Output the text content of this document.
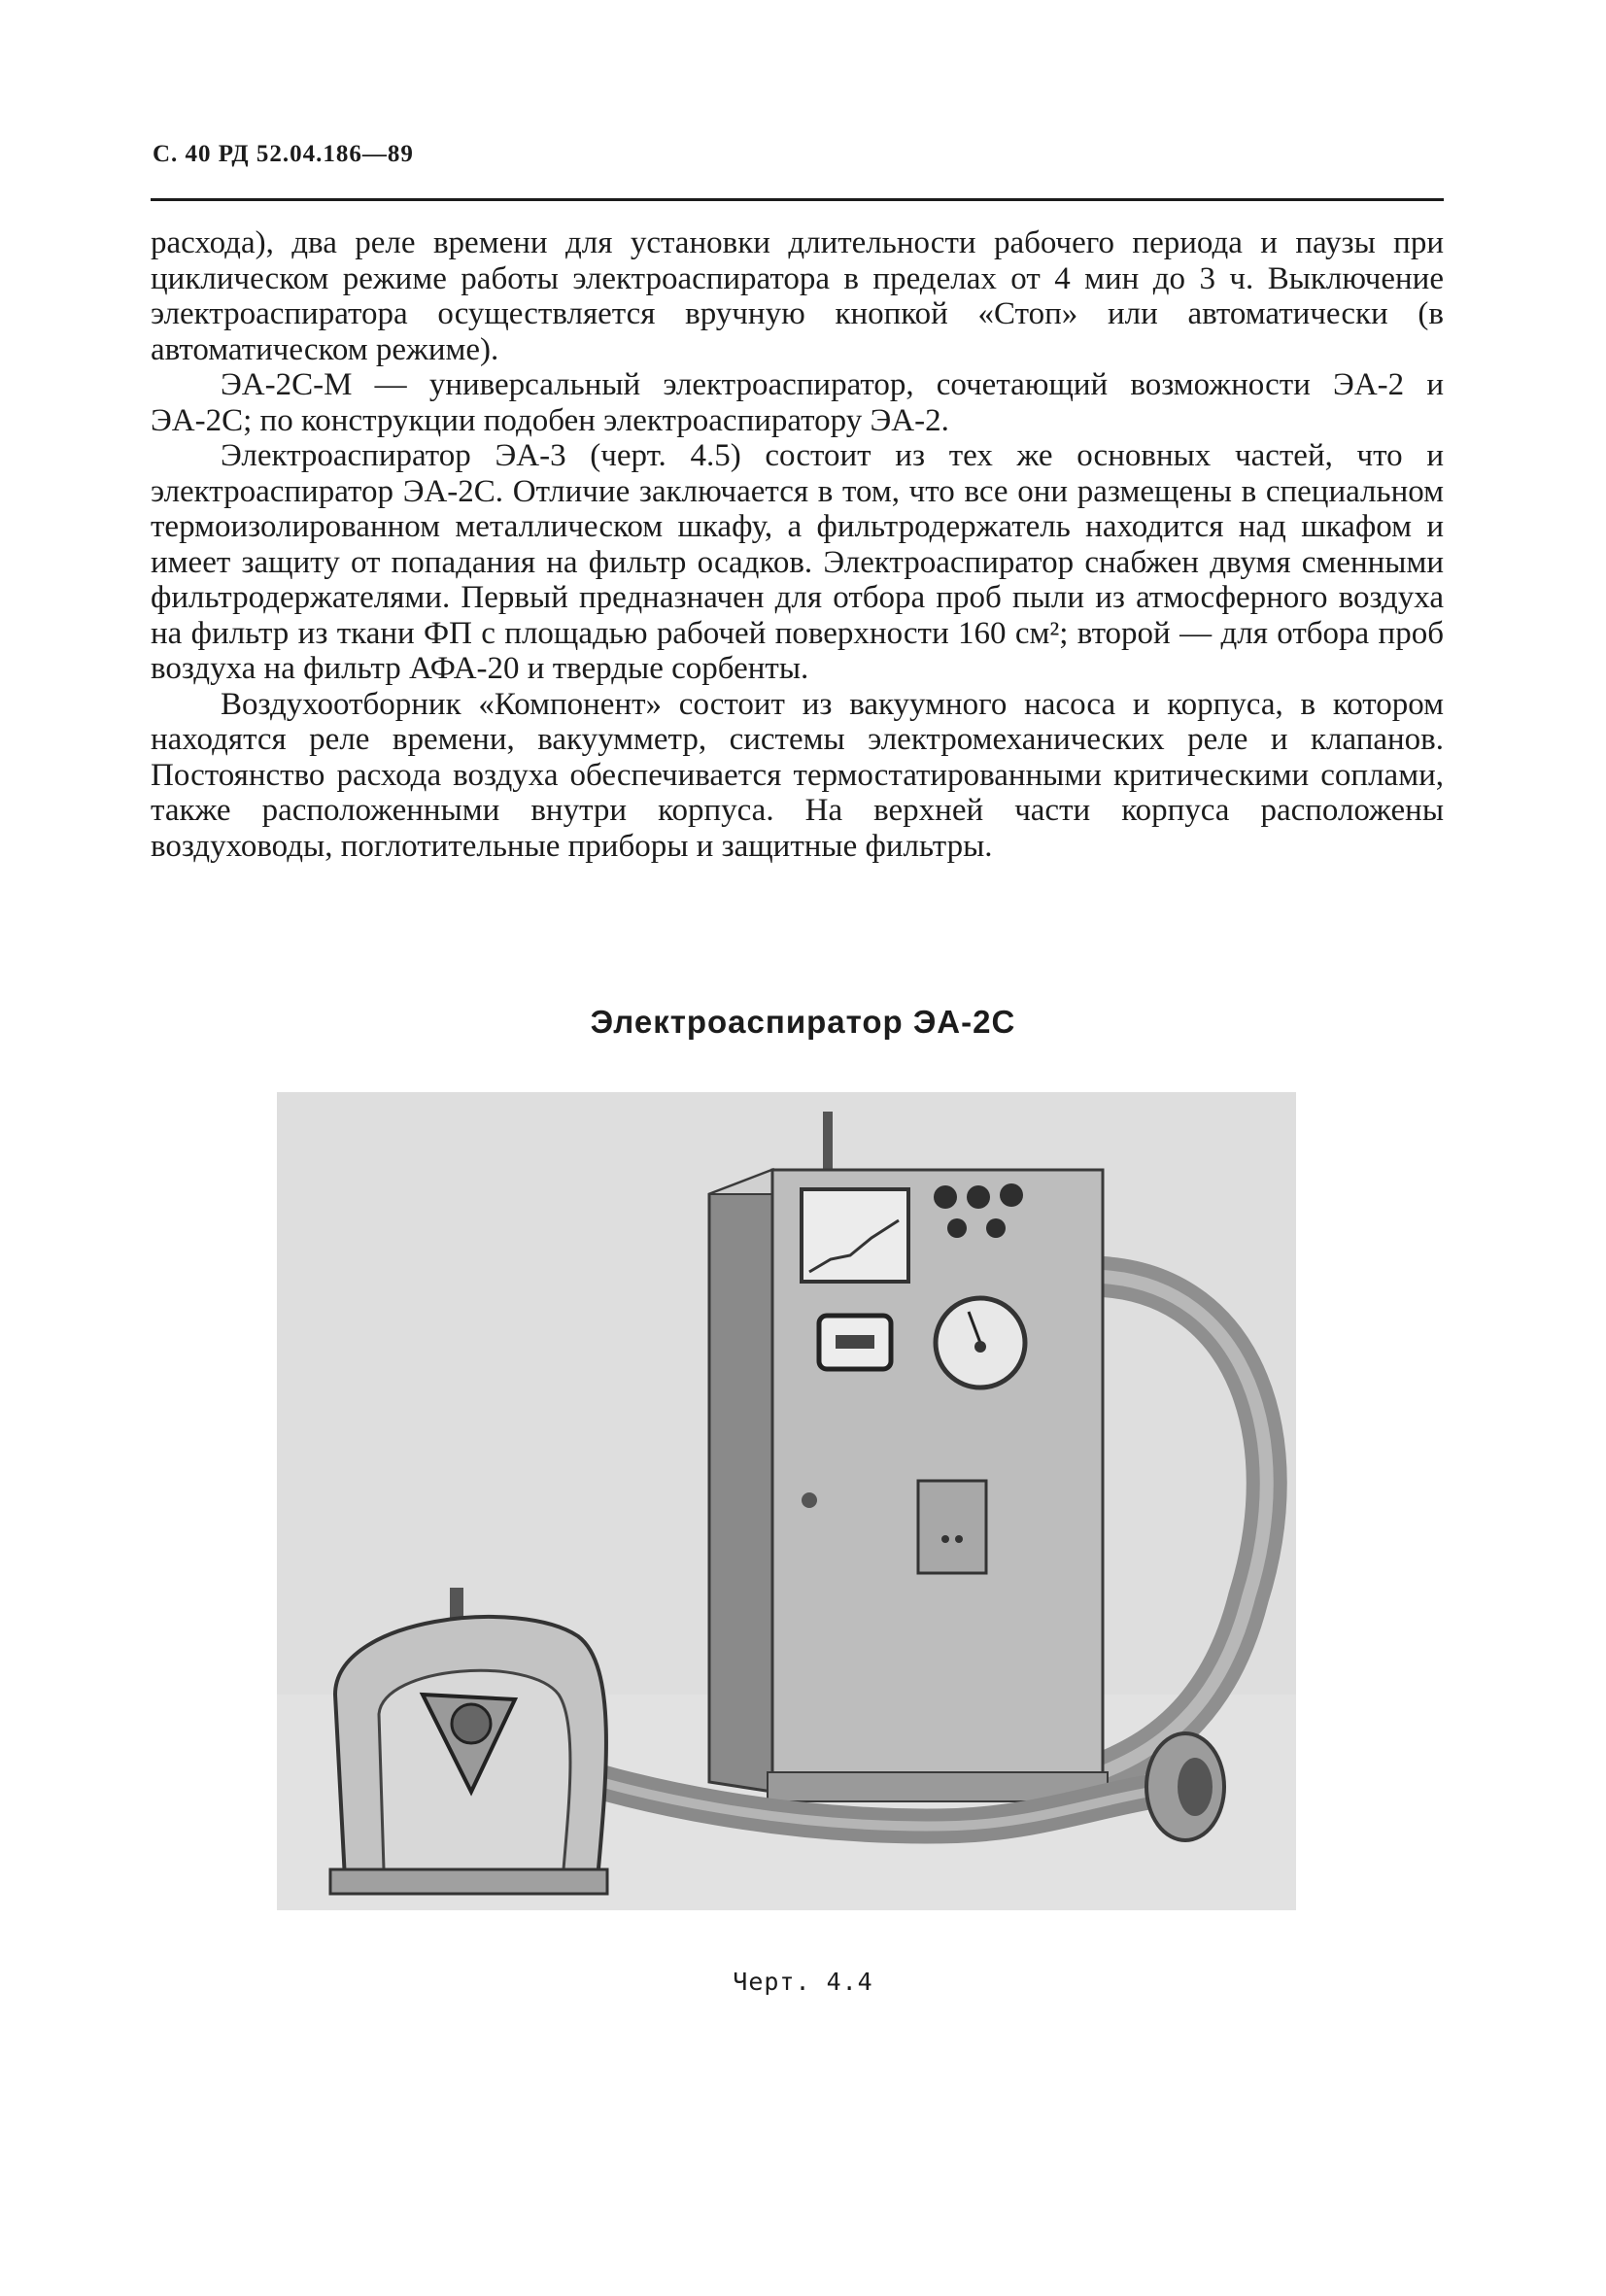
С. 40 РД 52.04.186—89

расхода), два реле времени для установки длительности рабочего периода и паузы при циклическом режиме работы электроаспиратора в пределах от 4 мин до 3 ч. Выключение электроаспиратора осуществляется вручную кнопкой «Стоп» или автоматически (в автоматическом режиме).

ЭА-2С-М — универсальный электроаспиратор, сочетающий возможности ЭА-2 и ЭА-2С; по конструкции подобен электроаспиратору ЭА-2.

Электроаспиратор ЭА-3 (черт. 4.5) состоит из тех же основных частей, что и электроаспиратор ЭА-2С. Отличие заключается в том, что все они размещены в специальном термоизолированном металлическом шкафу, а фильтродержатель находится над шкафом и имеет защиту от попадания на фильтр осадков. Электроаспиратор снабжен двумя сменными фильтродержателями. Первый предназначен для отбора проб пыли из атмосферного воздуха на фильтр из ткани ФП с площадью рабочей поверхности 160 см²; второй — для отбора проб воздуха на фильтр АФА-20 и твердые сорбенты.

Воздухоотборник «Компонент» состоит из вакуумного насоса и корпуса, в котором находятся реле времени, вакуумметр, системы электромеханических реле и клапанов. Постоянство расхода воздуха обеспечивается термостатированными критическими соплами, также расположенными внутри корпуса. На верхней части корпуса расположены воздуховоды, поглотительные приборы и защитные фильтры.

Электроаспиратор ЭА-2С
Черт. 4.4
